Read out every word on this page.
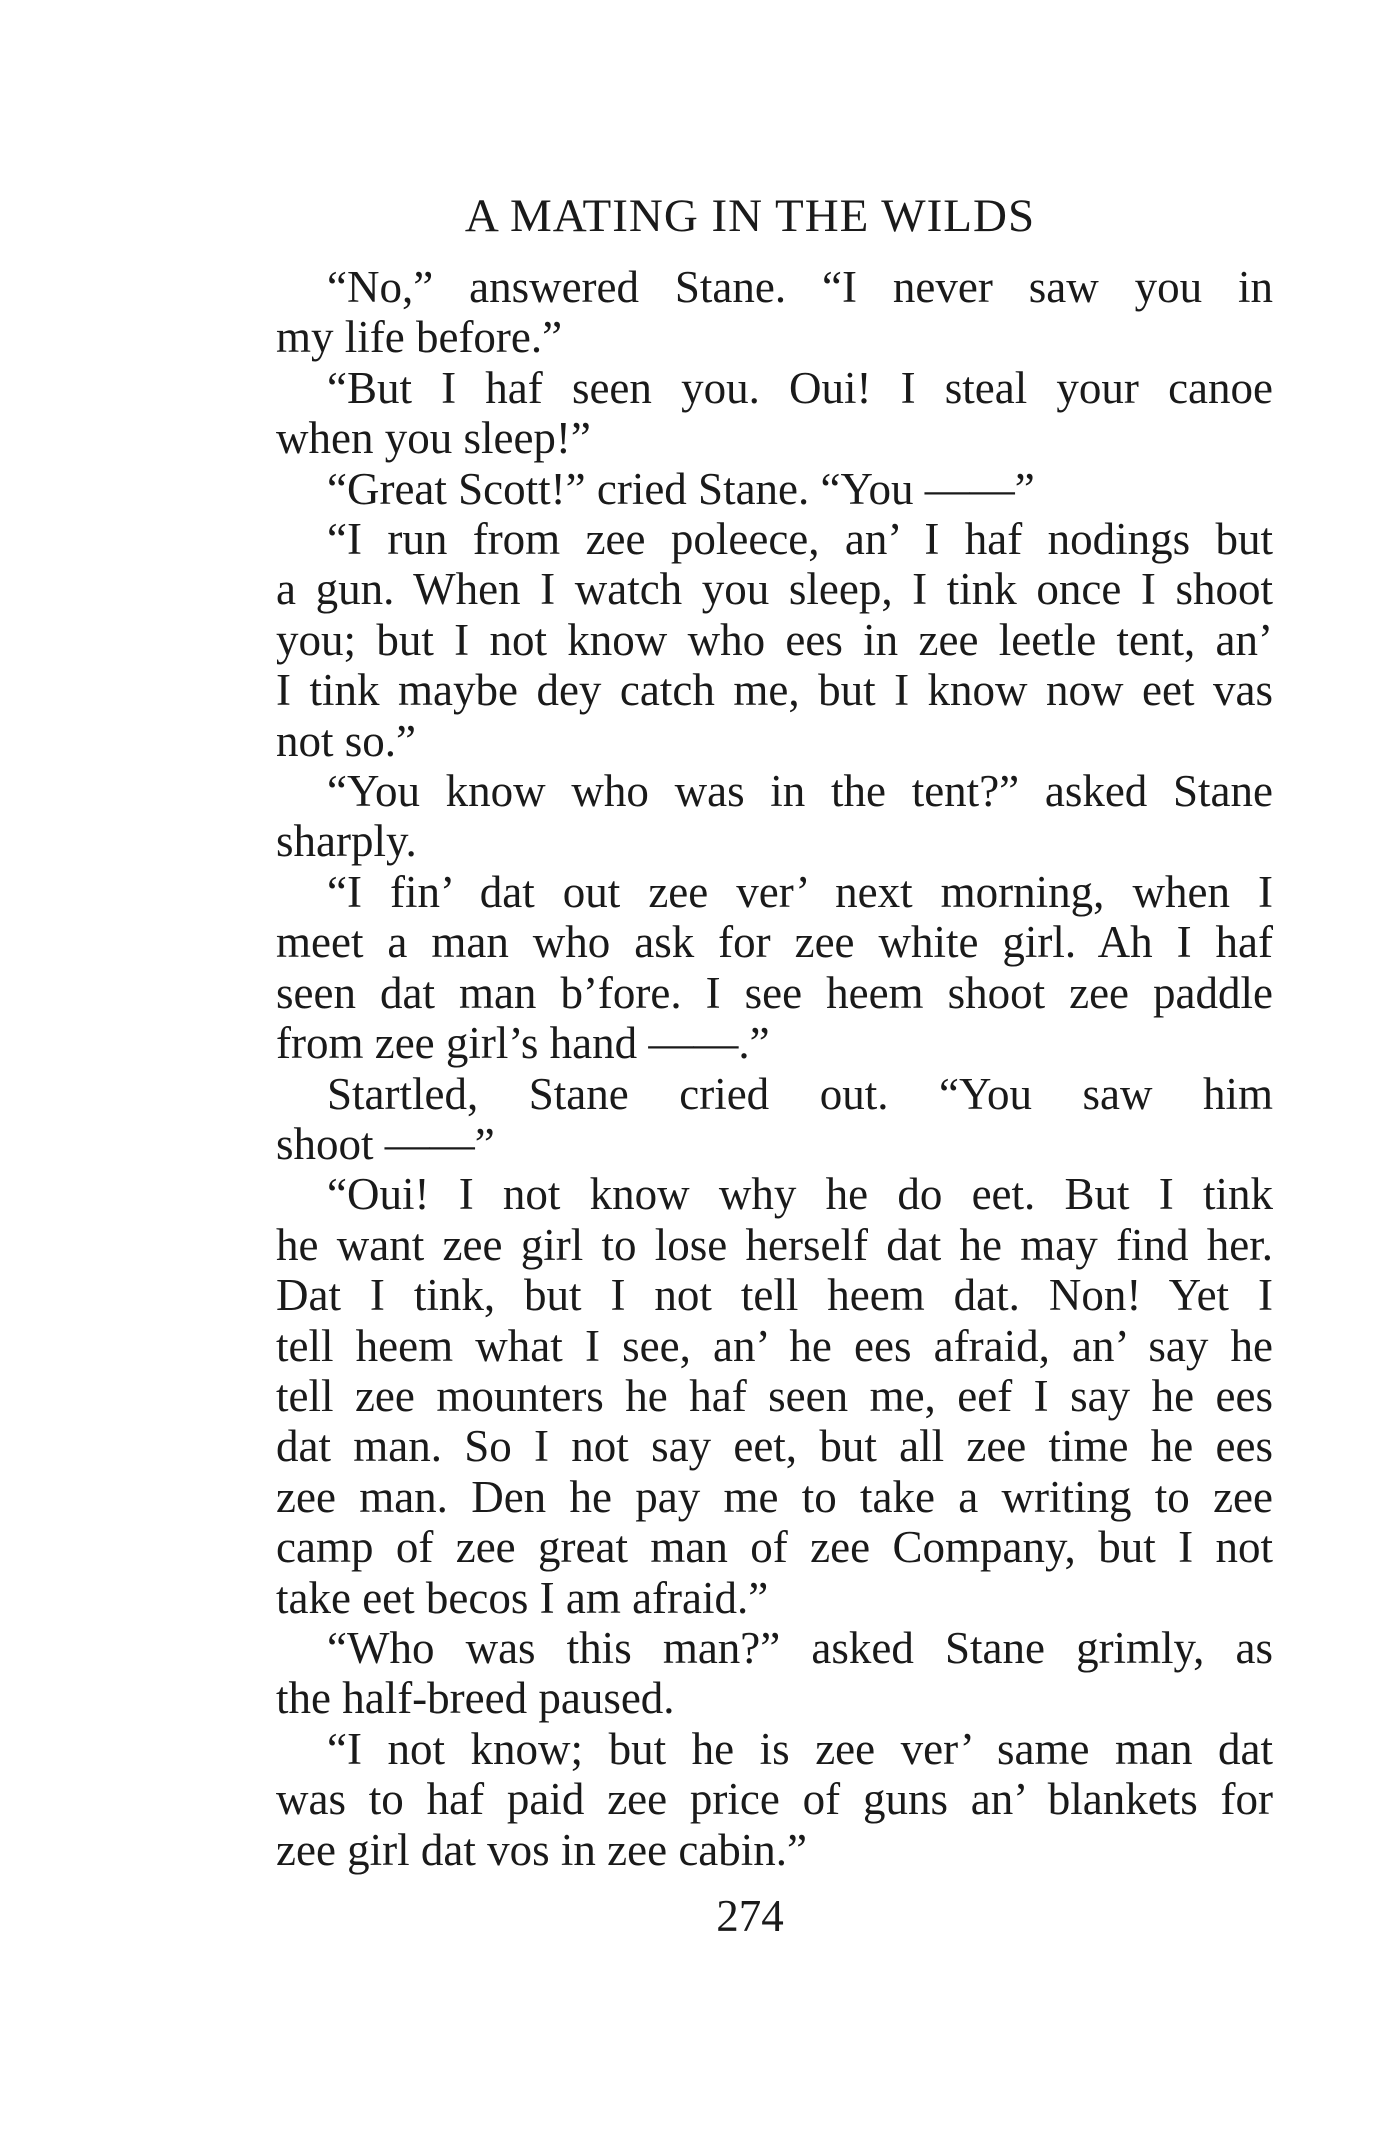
A MATING IN THE WILDS
“No,” answered Stane. “I never saw you in
my life before.”
“But I haf seen you. Oui! I steal your canoe
when you sleep!”
“Great Scott!” cried Stane. “You ——”
“I run from zee poleece, an’ I haf nodings but
a gun. When I watch you sleep, I tink once I shoot
you; but I not know who ees in zee leetle tent, an’
I tink maybe dey catch me, but I know now eet vas
not so.”
“You know who was in the tent?” asked Stane
sharply.
“I fin’ dat out zee ver’ next morning, when I
meet a man who ask for zee white girl. Ah I haf
seen dat man b’fore. I see heem shoot zee paddle
from zee girl’s hand ——.”
Startled, Stane cried out. “You saw him
shoot ——”
“Oui! I not know why he do eet. But I tink
he want zee girl to lose herself dat he may find her.
Dat I tink, but I not tell heem dat. Non! Yet I
tell heem what I see, an’ he ees afraid, an’ say he
tell zee mounters he haf seen me, eef I say he ees
dat man. So I not say eet, but all zee time he ees
zee man. Den he pay me to take a writing to zee
camp of zee great man of zee Company, but I not
take eet becos I am afraid.”
“Who was this man?” asked Stane grimly, as
the half-breed paused.
“I not know; but he is zee ver’ same man dat
was to haf paid zee price of guns an’ blankets for
zee girl dat vos in zee cabin.”
274
